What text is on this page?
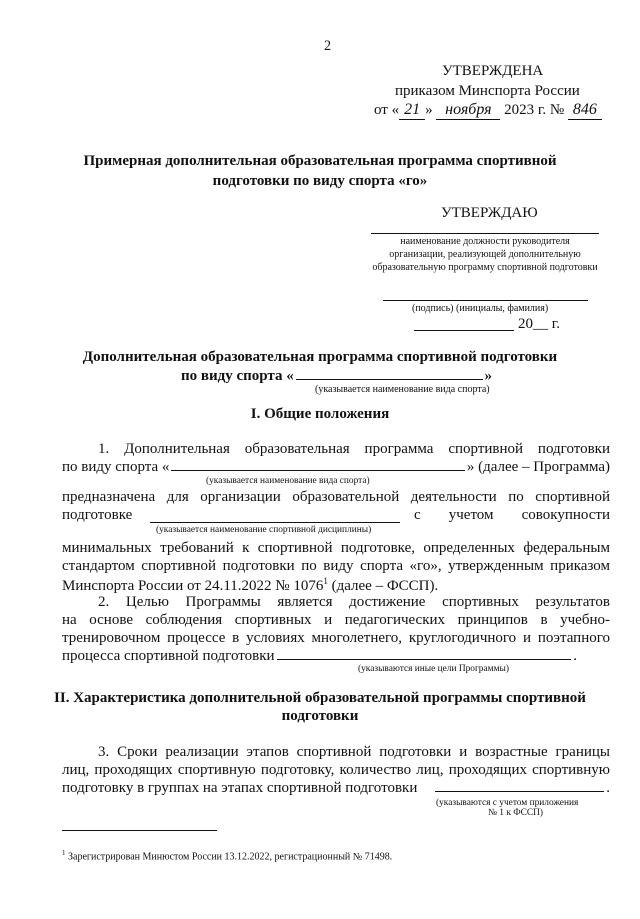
2
УТВЕРЖДЕНА
приказом Минспорта России
от « 21 » ноября 2023 г. № 846
Примерная дополнительная образовательная программа спортивной
подготовки по виду спорта «го»
УТВЕРЖДАЮ
наименование должности руководителя
организации, реализующей дополнительную
образовательную программу спортивной подготовки
(подпись) (инициалы, фамилия)
20__ г.
Дополнительная образовательная программа спортивной подготовки
по виду спорта «	»
(указывается наименование вида спорта)
I. Общие положения
1. Дополнительная образовательная программа спортивной подготовки
по виду спорта «	» (далее – Программа)
(указывается наименование вида спорта)
предназначена для организации образовательной деятельности по спортивной
подготовке	с учетом совокупности
(указывается наименование спортивной дисциплины)
минимальных требований к спортивной подготовке, определенных федеральным
стандартом спортивной подготовки по виду спорта «го», утвержденным приказом
Минспорта России от 24.11.2022 № 1076$^1$ (далее – ФССП).
2. Целью Программы является достижение спортивных результатов
на основе соблюдения спортивных и педагогических принципов в учебно-
тренировочном процессе в условиях многолетнего, круглогодичного и поэтапного
процесса спортивной подготовки	.
(указываются иные цели Программы)
II. Характеристика дополнительной образовательной программы спортивной
подготовки
3. Сроки реализации этапов спортивной подготовки и возрастные границы
лиц, проходящих спортивную подготовку, количество лиц, проходящих спортивную
подготовку в группах на этапах спортивной подготовки	.
(указываются с учетом приложения
№ 1 к ФССП)
$^1$ Зарегистрирован Минюстом России 13.12.2022, регистрационный № 71498.
